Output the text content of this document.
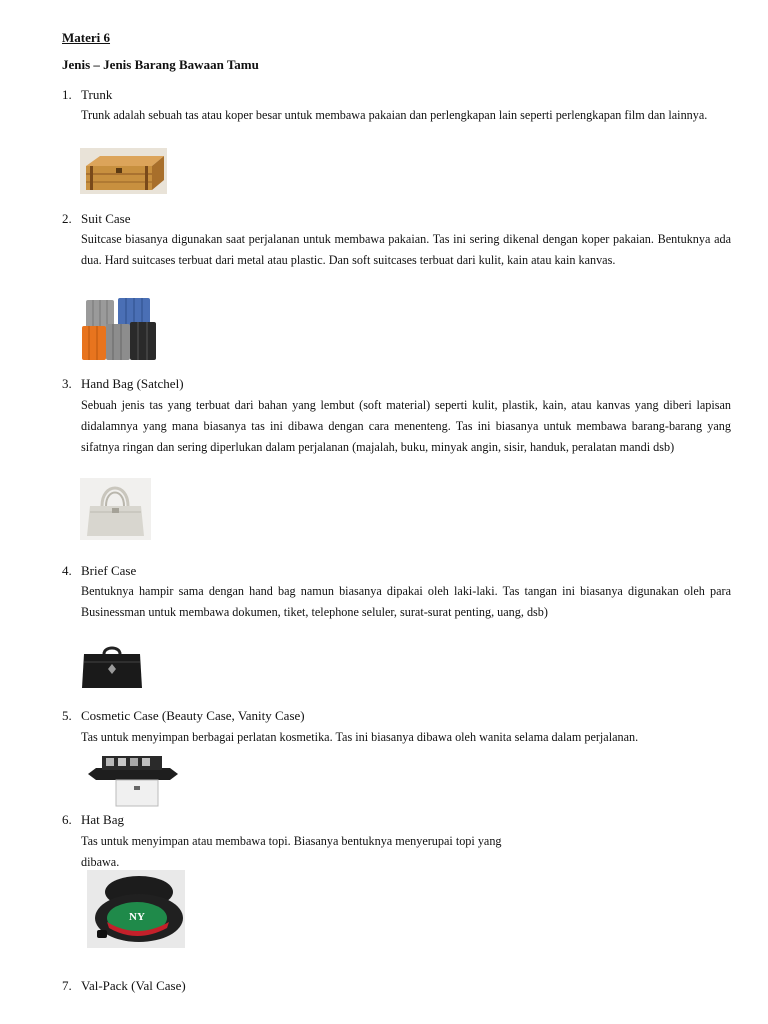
Materi 6
Jenis – Jenis Barang Bawaan Tamu
1. Trunk
Trunk adalah sebuah tas atau koper besar untuk membawa pakaian dan perlengkapan lain seperti perlengkapan film dan lainnya.
2. Suit Case
Suitcase biasanya digunakan saat perjalanan untuk membawa pakaian. Tas ini sering dikenal dengan koper pakaian. Bentuknya ada dua. Hard suitcases terbuat dari metal atau plastic. Dan soft suitcases terbuat dari kulit, kain atau kain kanvas.
3. Hand Bag (Satchel)
Sebuah jenis tas yang terbuat dari bahan yang lembut (soft material) seperti kulit, plastik, kain, atau kanvas yang diberi lapisan didalamnya yang mana biasanya tas ini dibawa dengan cara menenteng. Tas ini biasanya untuk membawa barang-barang yang sifatnya ringan dan sering diperlukan dalam perjalanan (majalah, buku, minyak angin, sisir, handuk, peralatan mandi dsb)
4. Brief Case
Bentuknya hampir sama dengan hand bag namun biasanya dipakai oleh laki-laki. Tas tangan ini biasanya digunakan oleh para Businessman untuk membawa dokumen, tiket, telephone seluler, surat-surat penting, uang, dsb)
5. Cosmetic Case (Beauty Case, Vanity Case)
Tas untuk menyimpan berbagai perlatan kosmetika. Tas ini biasanya dibawa oleh wanita selama dalam perjalanan.
6. Hat Bag
Tas untuk menyimpan atau membawa topi. Biasanya bentuknya menyerupai topi yang
dibawa.
NY
7. Val-Pack (Val Case)
